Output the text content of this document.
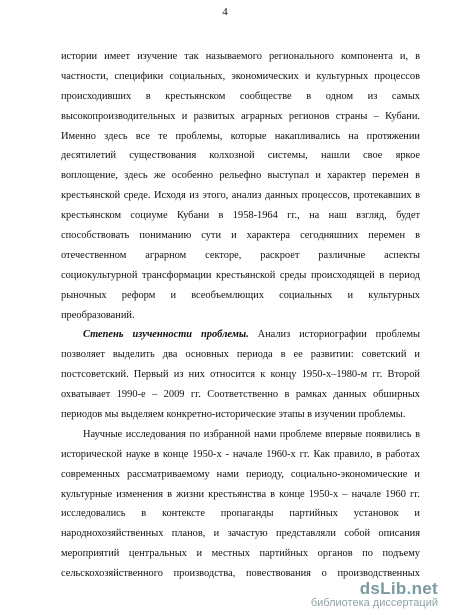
4

истории имеет изучение так называемого регионального компонента и, в

частности, специфики социальных, экономических и культурных процессов

происходивших в крестьянском сообществе в одном из самых

высокопроизводительных и развитых аграрных регионов страны – Кубани.

Именно здесь все те проблемы, которые накапливались на протяжении

десятилетий существования колхозной системы, нашли свое яркое

воплощение, здесь же особенно рельефно выступал и характер перемен в

крестьянской среде. Исходя из этого, анализ данных процессов, протекавших в

крестьянском социуме Кубани в 1958-1964 гг., на наш взгляд, будет

способствовать пониманию сути и характера сегодняшних перемен в

отечественном аграрном секторе, раскроет различные аспекты

социокультурной трансформации крестьянской среды происходящей в период

рыночных реформ и всеобъемлющих социальных и культурных

преобразований.

Степень изученности проблемы. Анализ историографии проблемы

позволяет выделить два основных периода в ее развитии: советский и

постсоветский. Первый из них относится к концу 1950-х–1980-м гг. Второй

охватывает 1990-е – 2009 гг. Соответственно в рамках данных обширных

периодов мы выделяем конкретно-исторические этапы в изучении проблемы.

Научные исследования по избранной нами проблеме впервые появились в

историческoй науке в конце 1950-х - начале 1960-х гг. Как правило, в работах

современных рассматриваемому нами периоду, социально-экономические и

культурные изменения в жизни крестьянства в конце 1950-х – начале 1960 гг.

исследовались в контексте пропаганды партийных установок и

народнохозяйственных планов, и зачастую представляли собой описания

мероприятий центральных и местных партийных органов по подъему

сельскохозяйственного производства, повествования о производственных

dsLib.net
библиотека диссертаций
